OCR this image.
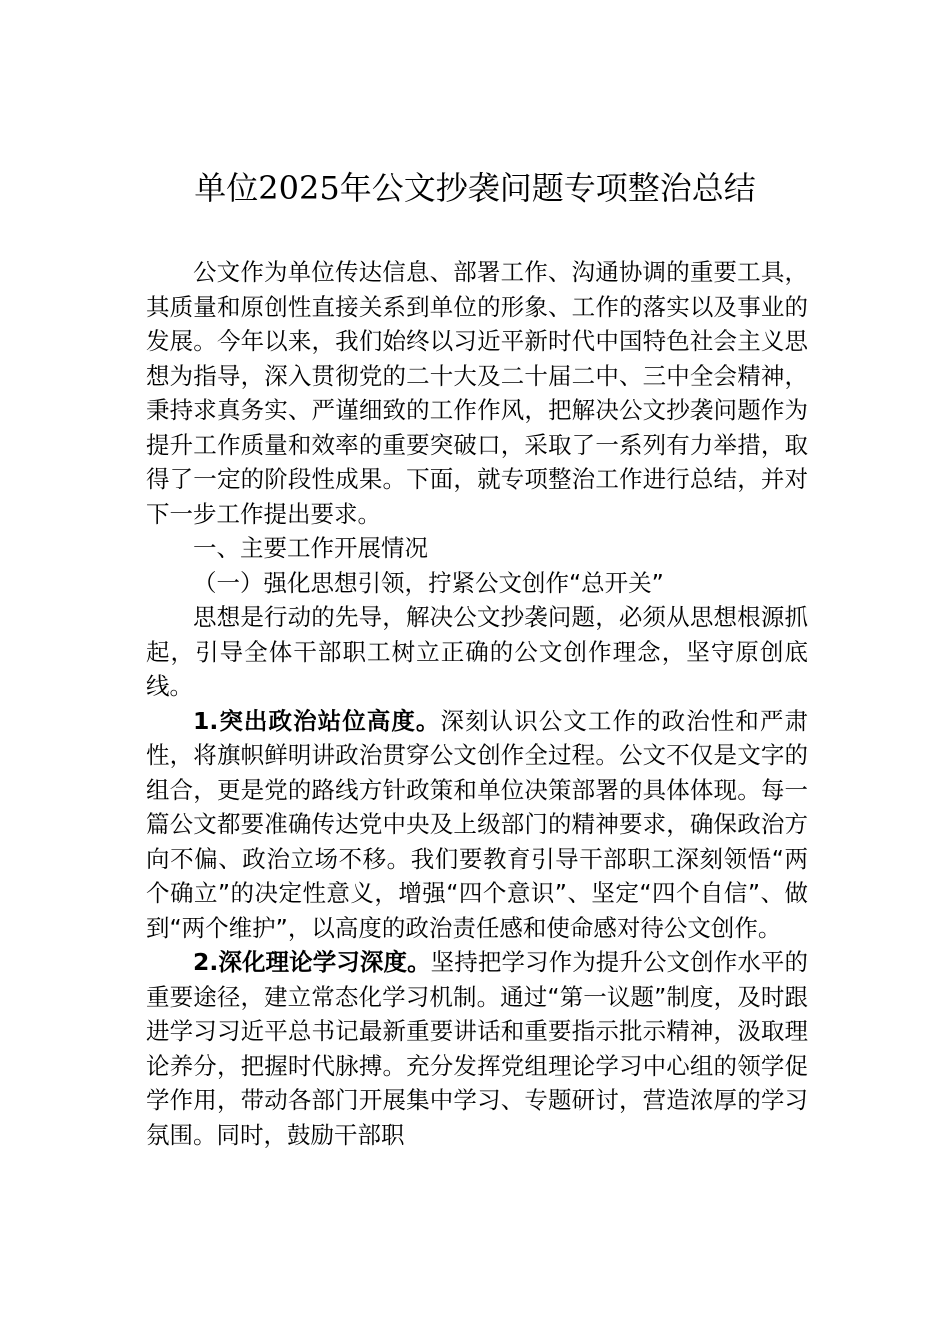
单位2025年公文抄袭问题专项整治总结

公文作为单位传达信息、部署工作、沟通协调的重要工具，其质量和原创性直接关系到单位的形象、工作的落实以及事业的发展。今年以来，我们始终以习近平新时代中国特色社会主义思想为指导，深入贯彻党的二十大及二十届二中、三中全会精神，秉持求真务实、严谨细致的工作作风，把解决公文抄袭问题作为提升工作质量和效率的重要突破口，采取了一系列有力举措，取得了一定的阶段性成果。下面，就专项整治工作进行总结，并对下一步工作提出要求。

一、主要工作开展情况

（一）强化思想引领，拧紧公文创作“总开关”

思想是行动的先导，解决公文抄袭问题，必须从思想根源抓起，引导全体干部职工树立正确的公文创作理念，坚守原创底线。

1.突出政治站位高度。深刻认识公文工作的政治性和严肃性，将旗帜鲜明讲政治贯穿公文创作全过程。公文不仅是文字的组合，更是党的路线方针政策和单位决策部署的具体体现。每一篇公文都要准确传达党中央及上级部门的精神要求，确保政治方向不偏、政治立场不移。我们要教育引导干部职工深刻领悟“两个确立”的决定性意义，增强“四个意识”、坚定“四个自信”、做到“两个维护”，以高度的政治责任感和使命感对待公文创作。

2.深化理论学习深度。坚持把学习作为提升公文创作水平的重要途径，建立常态化学习机制。通过“第一议题”制度，及时跟进学习习近平总书记最新重要讲话和重要指示批示精神，汲取理论养分，把握时代脉搏。充分发挥党组理论学习中心组的领学促学作用，带动各部门开展集中学习、专题研讨，营造浓厚的学习氛围。同时，鼓励干部职
